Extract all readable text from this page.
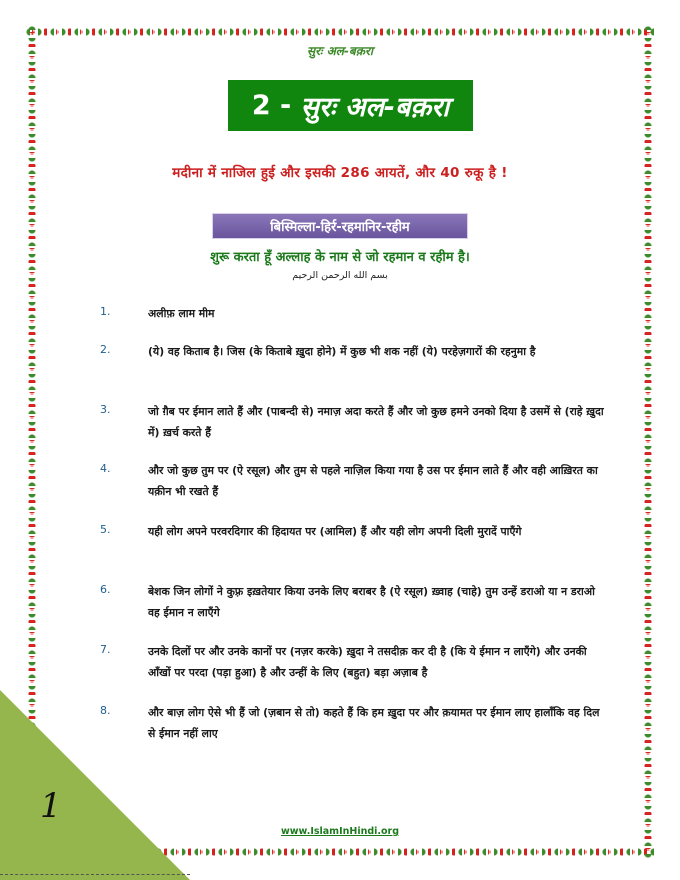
1
सुरः अल-बक़रा
2 -
सुरः अल-बक़रा
मदीना में नाजिल हुई और इसकी 286 आयतें, और 40 रुकू है !
बिस्मिल्ला-हिर्र-रहमानिर-रहीम
शुरू करता हूँ अल्लाह के नाम से जो रहमान व रहीम है।
بسم الله الرحمن الرحيم
1.	अलीफ़ लाम मीम
2.	(ये) वह किताब है। जिस (के किताबे ख़ुदा होने) में कुछ भी शक नहीं (ये) परहेज़गारों की रहनुमा है
3.	जो ग़ैब पर ईमान लाते हैं और (पाबन्दी से) नमाज़ अदा करते हैं और जो कुछ हमने उनको दिया है उसमें से (राहे ख़ुदा में) ख़र्च करते हैं
4.	और जो कुछ तुम पर (ऐ रसूल) और तुम से पहले नाज़िल किया गया है उस पर ईमान लाते हैं और वही आख़िरत का यक़ीन भी रखते हैं
5.	यही लोग अपने परवरदिगार की हिदायत पर (आमिल) हैं और यही लोग अपनी दिली मुरादें पाएँगे
6.	बेशक जिन लोगों ने कुफ़्र इख़तेयार किया उनके लिए बराबर है (ऐ रसूल) ख़्वाह (चाहे) तुम उन्हें डराओ या न डराओ वह ईमान न लाएँगे
7.	उनके दिलों पर और उनके कानों पर (नज़र करके) ख़ुदा ने तसदीक़ कर दी है (कि ये ईमान न लाएँगे) और उनकी आँखों पर परदा (पड़ा हुआ) है और उन्हीं के लिए (बहुत) बड़ा अज़ाब है
8.	और बाज़ लोग ऐसे भी हैं जो (ज़बान से तो) कहते हैं कि हम ख़ुदा पर और क़यामत पर ईमान लाए हालाँकि वह दिल से ईमान नहीं लाए
www.IslamInHindi.org
